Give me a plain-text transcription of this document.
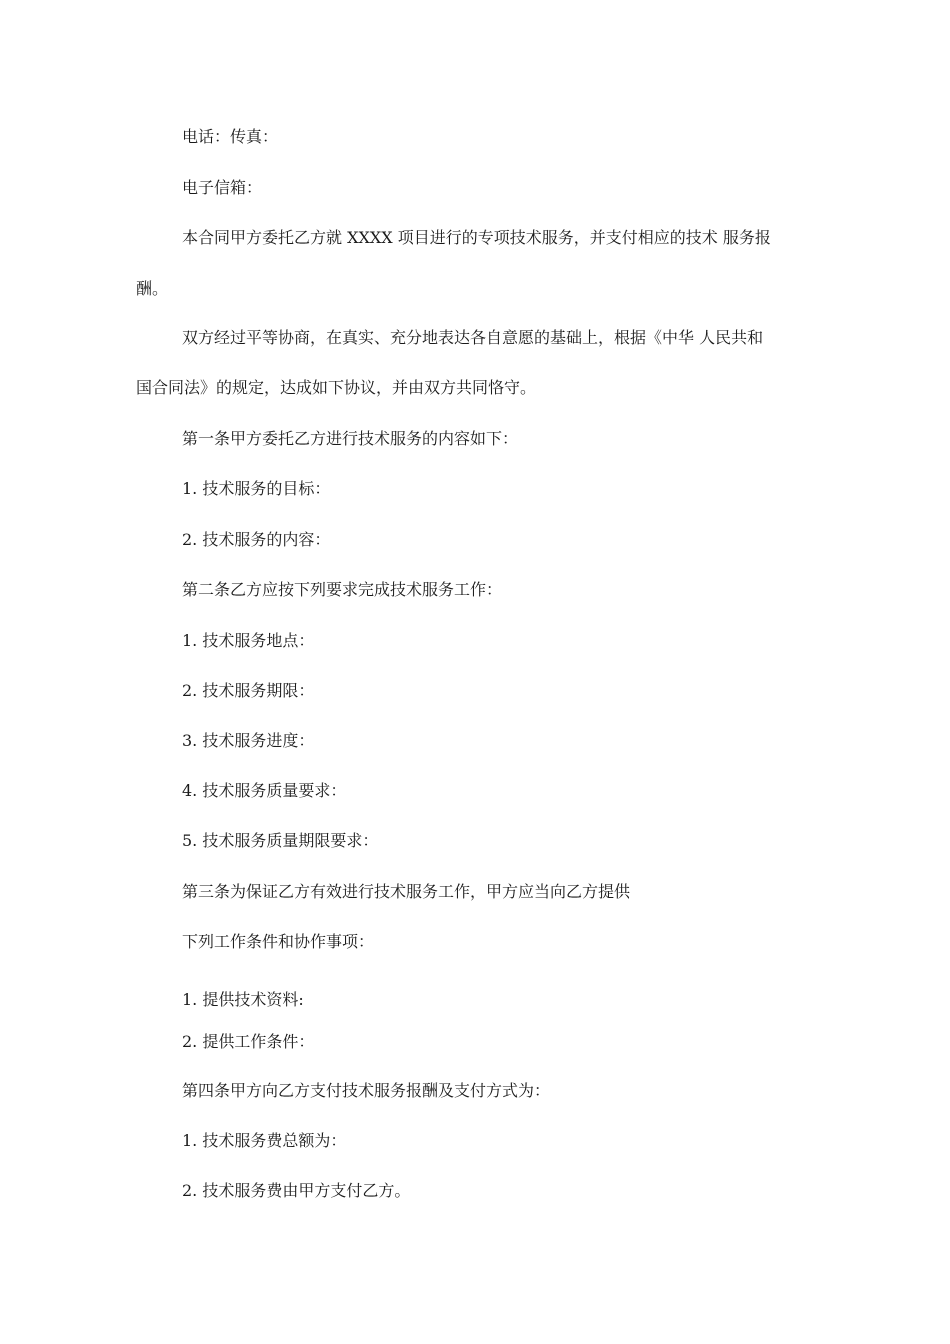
电话：传真：
电子信箱：
本合同甲方委托乙方就 XXXX 项目进行的专项技术服务，并支付相应的技术 服务报
酬。
双方经过平等协商，在真实、充分地表达各自意愿的基础上，根据《中华 人民共和
国合同法》的规定，达成如下协议，并由双方共同恪守。
第一条甲方委托乙方进行技术服务的内容如下：
1. 技术服务的目标：
2. 技术服务的内容：
第二条乙方应按下列要求完成技术服务工作：
1. 技术服务地点：
2. 技术服务期限：
3. 技术服务进度：
4. 技术服务质量要求：
5. 技术服务质量期限要求：
第三条为保证乙方有效进行技术服务工作，甲方应当向乙方提供
下列工作条件和协作事项：
1. 提供技术资料:
2. 提供工作条件：
第四条甲方向乙方支付技术服务报酬及支付方式为：
1. 技术服务费总额为：
2. 技术服务费由甲方支付乙方。
